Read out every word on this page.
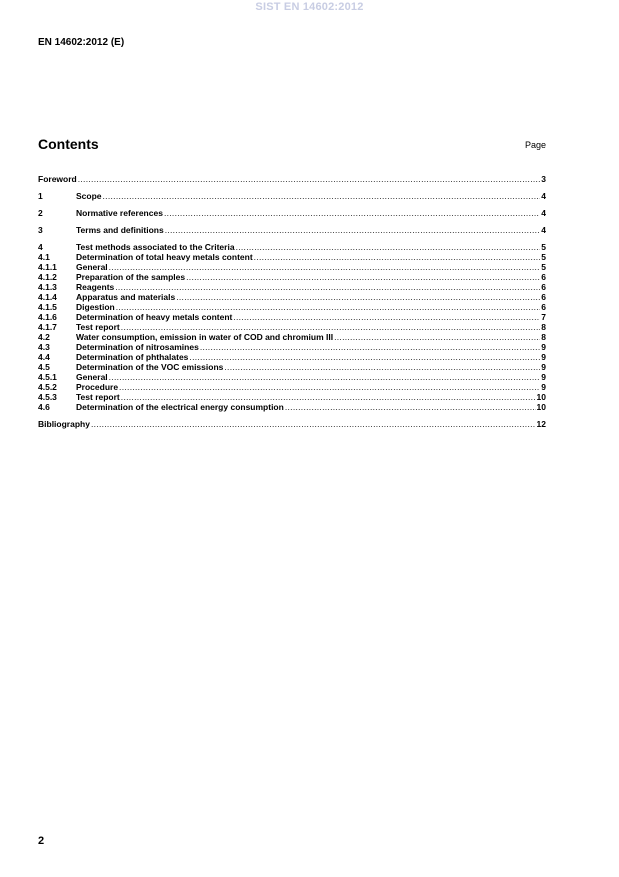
SIST EN 14602:2012
EN 14602:2012 (E)
Contents	Page
Foreword .....	3
1	Scope .....	4
2	Normative references .....	4
3	Terms and definitions .....	4
4	Test methods associated to the Criteria .....	5
4.1	Determination of total heavy metals content .....	5
4.1.1	General .....	5
4.1.2	Preparation of the samples .....	6
4.1.3	Reagents .....	6
4.1.4	Apparatus and materials .....	6
4.1.5	Digestion .....	6
4.1.6	Determination of heavy metals content .....	7
4.1.7	Test report .....	8
4.2	Water consumption, emission in water of COD and chromium III .....	8
4.3	Determination of nitrosamines .....	9
4.4	Determination of phthalates .....	9
4.5	Determination of the VOC emissions .....	9
4.5.1	General .....	9
4.5.2	Procedure .....	9
4.5.3	Test report .....	10
4.6	Determination of the electrical energy consumption .....	10
Bibliography .....	12
2
